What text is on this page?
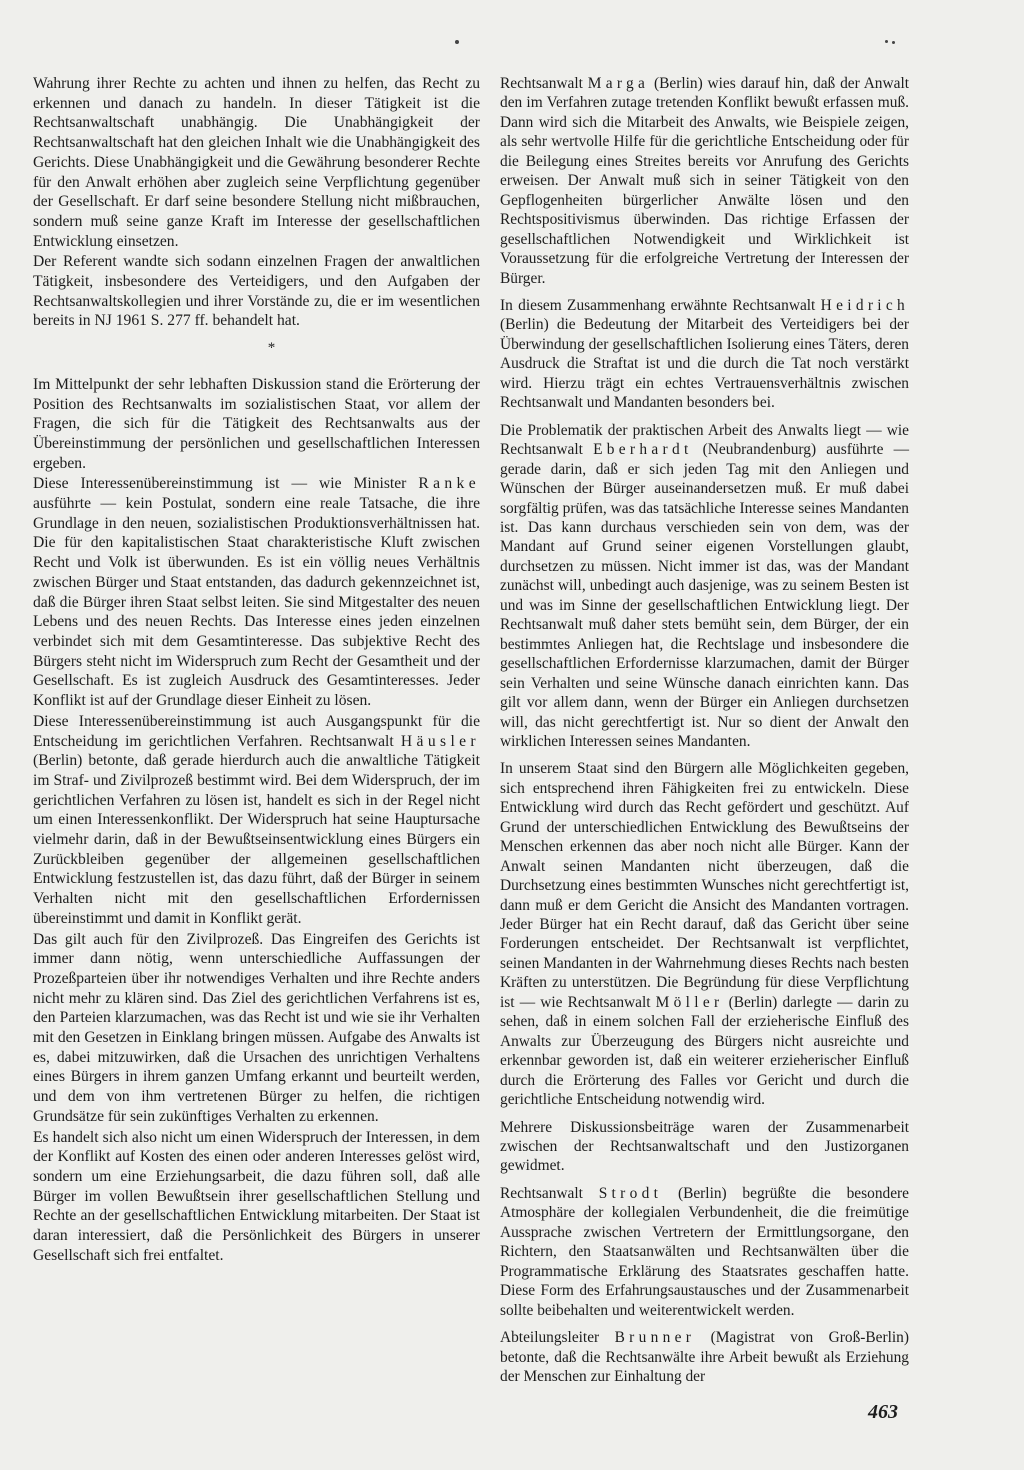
Wahrung ihrer Rechte zu achten und ihnen zu helfen, das Recht zu erkennen und danach zu handeln. In dieser Tätigkeit ist die Rechtsanwaltschaft unabhängig. Die Unabhängigkeit der Rechtsanwaltschaft hat den gleichen Inhalt wie die Unabhängigkeit des Gerichts. Diese Unabhängigkeit und die Gewährung besonderer Rechte für den Anwalt erhöhen aber zugleich seine Verpflichtung gegenüber der Gesellschaft. Er darf seine besondere Stellung nicht mißbrauchen, sondern muß seine ganze Kraft im Interesse der gesellschaftlichen Entwicklung einsetzen.

Der Referent wandte sich sodann einzelnen Fragen der anwaltlichen Tätigkeit, insbesondere des Verteidigers, und den Aufgaben der Rechtsanwaltskollegien und ihrer Vorstände zu, die er im wesentlichen bereits in NJ 1961 S. 277 ff. behandelt hat.

*

Im Mittelpunkt der sehr lebhaften Diskussion stand die Erörterung der Position des Rechtsanwalts im sozialistischen Staat, vor allem der Fragen, die sich für die Tätigkeit des Rechtsanwalts aus der Übereinstimmung der persönlichen und gesellschaftlichen Interessen ergeben.

Diese Interessenübereinstimmung ist — wie Minister Ranke ausführte — kein Postulat, sondern eine reale Tatsache, die ihre Grundlage in den neuen, sozialistischen Produktionsverhältnissen hat. Die für den kapitalistischen Staat charakteristische Kluft zwischen Recht und Volk ist überwunden. Es ist ein völlig neues Verhältnis zwischen Bürger und Staat entstanden, das dadurch gekennzeichnet ist, daß die Bürger ihren Staat selbst leiten. Sie sind Mitgestalter des neuen Lebens und des neuen Rechts. Das Interesse eines jeden einzelnen verbindet sich mit dem Gesamtinteresse. Das subjektive Recht des Bürgers steht nicht im Widerspruch zum Recht der Gesamtheit und der Gesellschaft. Es ist zugleich Ausdruck des Gesamtinteresses. Jeder Konflikt ist auf der Grundlage dieser Einheit zu lösen.

Diese Interessenübereinstimmung ist auch Ausgangspunkt für die Entscheidung im gerichtlichen Verfahren. Rechtsanwalt Häusler (Berlin) betonte, daß gerade hierdurch auch die anwaltliche Tätigkeit im Straf- und Zivilprozeß bestimmt wird. Bei dem Widerspruch, der im gerichtlichen Verfahren zu lösen ist, handelt es sich in der Regel nicht um einen Interessenkonflikt. Der Widerspruch hat seine Hauptursache vielmehr darin, daß in der Bewußtseinsentwicklung eines Bürgers ein Zurückbleiben gegenüber der allgemeinen gesellschaftlichen Entwicklung festzustellen ist, das dazu führt, daß der Bürger in seinem Verhalten nicht mit den gesellschaftlichen Erfordernissen übereinstimmt und damit in Konflikt gerät.

Das gilt auch für den Zivilprozeß. Das Eingreifen des Gerichts ist immer dann nötig, wenn unterschiedliche Auffassungen der Prozeßparteien über ihr notwendiges Verhalten und ihre Rechte anders nicht mehr zu klären sind. Das Ziel des gerichtlichen Verfahrens ist es, den Parteien klarzumachen, was das Recht ist und wie sie ihr Verhalten mit den Gesetzen in Einklang bringen müssen. Aufgabe des Anwalts ist es, dabei mitzuwirken, daß die Ursachen des unrichtigen Verhaltens eines Bürgers in ihrem ganzen Umfang erkannt und beurteilt werden, und dem von ihm vertretenen Bürger zu helfen, die richtigen Grundsätze für sein zukünftiges Verhalten zu erkennen.

Es handelt sich also nicht um einen Widerspruch der Interessen, in dem der Konflikt auf Kosten des einen oder anderen Interesses gelöst wird, sondern um eine Erziehungsarbeit, die dazu führen soll, daß alle Bürger im vollen Bewußtsein ihrer gesellschaftlichen Stellung und Rechte an der gesellschaftlichen Entwicklung mitarbeiten. Der Staat ist daran interessiert, daß die Persönlichkeit des Bürgers in unserer Gesellschaft sich frei entfaltet.

Rechtsanwalt Marga (Berlin) wies darauf hin, daß der Anwalt den im Verfahren zutage tretenden Konflikt bewußt erfassen muß. Dann wird sich die Mitarbeit des Anwalts, wie Beispiele zeigen, als sehr wertvolle Hilfe für die gerichtliche Entscheidung oder für die Beilegung eines Streites bereits vor Anrufung des Gerichts erweisen. Der Anwalt muß sich in seiner Tätigkeit von den Gepflogenheiten bürgerlicher Anwälte lösen und den Rechtspositivismus überwinden. Das richtige Erfassen der gesellschaftlichen Notwendigkeit und Wirklichkeit ist Voraussetzung für die erfolgreiche Vertretung der Interessen der Bürger.

In diesem Zusammenhang erwähnte Rechtsanwalt Heidrich (Berlin) die Bedeutung der Mitarbeit des Verteidigers bei der Überwindung der gesellschaftlichen Isolierung eines Täters, deren Ausdruck die Straftat ist und die durch die Tat noch verstärkt wird. Hierzu trägt ein echtes Vertrauensverhältnis zwischen Rechtsanwalt und Mandanten besonders bei.

Die Problematik der praktischen Arbeit des Anwalts liegt — wie Rechtsanwalt Eberhardt (Neubrandenburg) ausführte — gerade darin, daß er sich jeden Tag mit den Anliegen und Wünschen der Bürger auseinandersetzen muß. Er muß dabei sorgfältig prüfen, was das tatsächliche Interesse seines Mandanten ist. Das kann durchaus verschieden sein von dem, was der Mandant auf Grund seiner eigenen Vorstellungen glaubt, durchsetzen zu müssen. Nicht immer ist das, was der Mandant zunächst will, unbedingt auch dasjenige, was zu seinem Besten ist und was im Sinne der gesellschaftlichen Entwicklung liegt. Der Rechtsanwalt muß daher stets bemüht sein, dem Bürger, der ein bestimmtes Anliegen hat, die Rechtslage und insbesondere die gesellschaftlichen Erfordernisse klarzumachen, damit der Bürger sein Verhalten und seine Wünsche danach einrichten kann. Das gilt vor allem dann, wenn der Bürger ein Anliegen durchsetzen will, das nicht gerechtfertigt ist. Nur so dient der Anwalt den wirklichen Interessen seines Mandanten.

In unserem Staat sind den Bürgern alle Möglichkeiten gegeben, sich entsprechend ihren Fähigkeiten frei zu entwickeln. Diese Entwicklung wird durch das Recht gefördert und geschützt. Auf Grund der unterschiedlichen Entwicklung des Bewußtseins der Menschen erkennen das aber noch nicht alle Bürger. Kann der Anwalt seinen Mandanten nicht überzeugen, daß die Durchsetzung eines bestimmten Wunsches nicht gerechtfertigt ist, dann muß er dem Gericht die Ansicht des Mandanten vortragen. Jeder Bürger hat ein Recht darauf, daß das Gericht über seine Forderungen entscheidet. Der Rechtsanwalt ist verpflichtet, seinen Mandanten in der Wahrnehmung dieses Rechts nach besten Kräften zu unterstützen. Die Begründung für diese Verpflichtung ist — wie Rechtsanwalt Möller (Berlin) darlegte — darin zu sehen, daß in einem solchen Fall der erzieherische Einfluß des Anwalts zur Überzeugung des Bürgers nicht ausreichte und erkennbar geworden ist, daß ein weiterer erzieherischer Einfluß durch die Erörterung des Falles vor Gericht und durch die gerichtliche Entscheidung notwendig wird.

Mehrere Diskussionsbeiträge waren der Zusammenarbeit zwischen der Rechtsanwaltschaft und den Justizorganen gewidmet.

Rechtsanwalt Strodt (Berlin) begrüßte die besondere Atmosphäre der kollegialen Verbundenheit, die die freimütige Aussprache zwischen Vertretern der Ermittlungsorgane, den Richtern, den Staatsanwälten und Rechtsanwälten über die Programmatische Erklärung des Staatsrates geschaffen hatte. Diese Form des Erfahrungsaustausches und der Zusammenarbeit sollte beibehalten und weiterentwickelt werden.

Abteilungsleiter Brunner (Magistrat von Groß-Berlin) betonte, daß die Rechtsanwälte ihre Arbeit bewußt als Erziehung der Menschen zur Einhaltung der

463
